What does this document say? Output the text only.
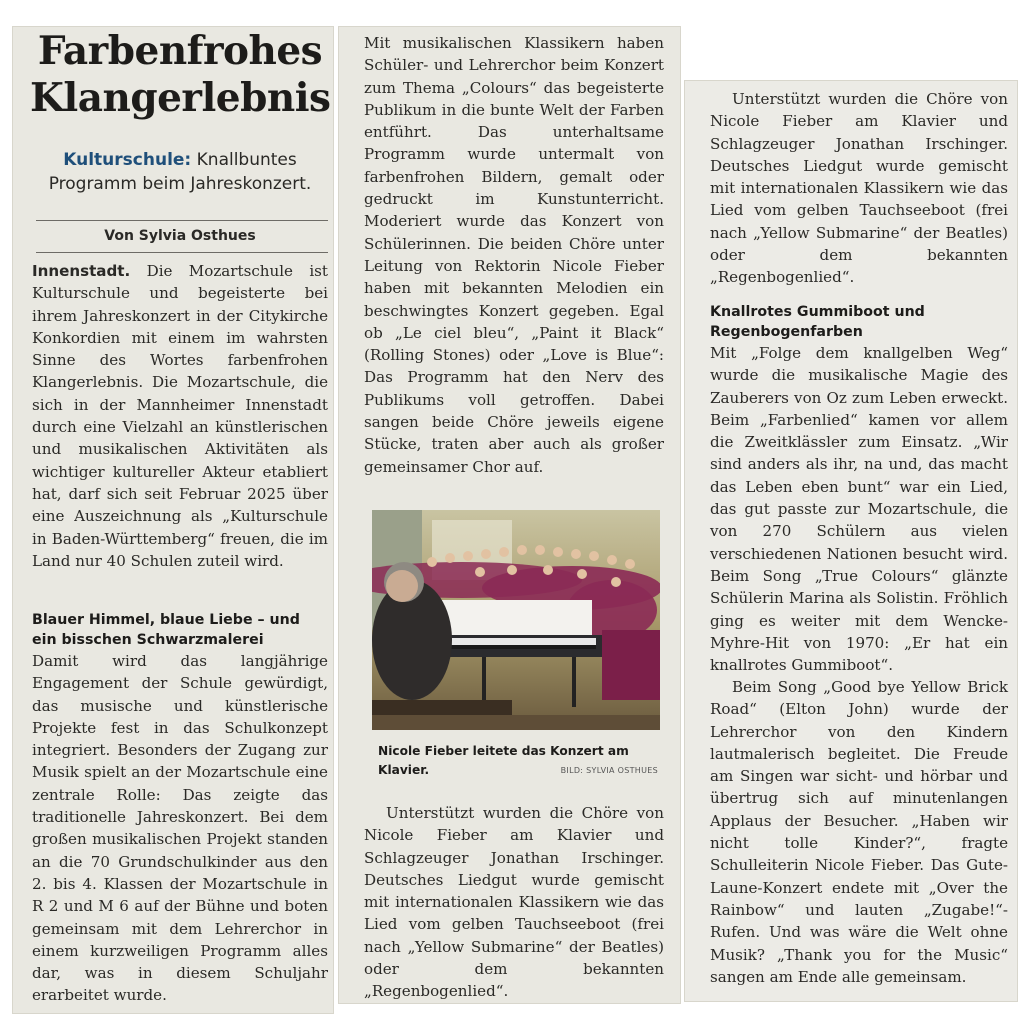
Farbenfrohes Klangerlebnis
Kulturschule: Knallbuntes Programm beim Jahreskonzert.
Von Sylvia Osthues

Innenstadt. Die Mozartschule ist Kulturschule und begeisterte bei ihrem Jahreskonzert in der Citykirche Konkordien mit einem im wahrsten Sinne des Wortes farbenfrohen Klangerlebnis. Die Mozartschule, die sich in der Mannheimer Innenstadt durch eine Vielzahl an künstlerischen und musikalischen Aktivitäten als wichtiger kultureller Akteur etabliert hat, darf sich seit Februar 2025 über eine Auszeichnung als „Kulturschule in Baden-Württemberg“ freuen, die im Land nur 40 Schulen zuteil wird.

Blauer Himmel, blaue Liebe – und ein bisschen Schwarzmalerei

Damit wird das langjährige Engagement der Schule gewürdigt, das musische und künstlerische Projekte fest in das Schulkonzept integriert. Besonders der Zugang zur Musik spielt an der Mozartschule eine zentrale Rolle: Das zeigte das traditionelle Jahreskonzert. Bei dem großen musikalischen Projekt standen an die 70 Grundschulkinder aus den 2. bis 4. Klassen der Mozartschule in R 2 und M 6 auf der Bühne und boten gemeinsam mit dem Lehrerchor in einem kurzweiligen Programm alles dar, was in diesem Schuljahr erarbeitet wurde.

Mit musikalischen Klassikern haben Schüler- und Lehrerchor beim Konzert zum Thema „Colours“ das begeisterte Publikum in die bunte Welt der Farben entführt. Das unterhaltsame Programm wurde untermalt von farbenfrohen Bildern, gemalt oder gedruckt im Kunstunterricht. Moderiert wurde das Konzert von Schülerinnen. Die beiden Chöre unter Leitung von Rektorin Nicole Fieber haben mit bekannten Melodien ein beschwingtes Konzert gegeben. Egal ob „Le ciel bleu“, „Paint it Black“ (Rolling Stones) oder „Love is Blue“: Das Programm hat den Nerv des Publikums voll getroffen. Dabei sangen beide Chöre jeweils eigene Stücke, traten aber auch als großer gemeinsamer Chor auf.

Nicole Fieber leitete das Konzert am Klavier.	BILD: SYLVIA OSTHUES

Unterstützt wurden die Chöre von Nicole Fieber am Klavier und Schlagzeuger Jonathan Irschinger. Deutsches Liedgut wurde gemischt mit internationalen Klassikern wie das Lied vom gelben Tauchseeboot (frei nach „Yellow Submarine“ der Beatles) oder dem bekannten „Regenbogenlied“.

Unterstützt wurden die Chöre von Nicole Fieber am Klavier und Schlagzeuger Jonathan Irschinger. Deutsches Liedgut wurde gemischt mit internationalen Klassikern wie das Lied vom gelben Tauchseeboot (frei nach „Yellow Submarine“ der Beatles) oder dem bekannten „Regenbogenlied“.

Knallrotes Gummiboot und Regenbogenfarben

Mit „Folge dem knallgelben Weg“ wurde die musikalische Magie des Zauberers von Oz zum Leben erweckt. Beim „Farbenlied“ kamen vor allem die Zweitklässler zum Einsatz. „Wir sind anders als ihr, na und, das macht das Leben eben bunt“ war ein Lied, das gut passte zur Mozartschule, die von 270 Schülern aus vielen verschiedenen Nationen besucht wird. Beim Song „True Colours“ glänzte Schülerin Marina als Solistin. Fröhlich ging es weiter mit dem Wencke-Myhre-Hit von 1970: „Er hat ein knallrotes Gummiboot“.

Beim Song „Good bye Yellow Brick Road“ (Elton John) wurde der Lehrerchor von den Kindern lautmalerisch begleitet. Die Freude am Singen war sicht- und hörbar und übertrug sich auf minutenlangen Applaus der Besucher. „Haben wir nicht tolle Kinder?“, fragte Schulleiterin Nicole Fieber. Das Gute-Laune-Konzert endete mit „Over the Rainbow“ und lauten „Zugabe!“-Rufen. Und was wäre die Welt ohne Musik? „Thank you for the Music“ sangen am Ende alle gemeinsam.
